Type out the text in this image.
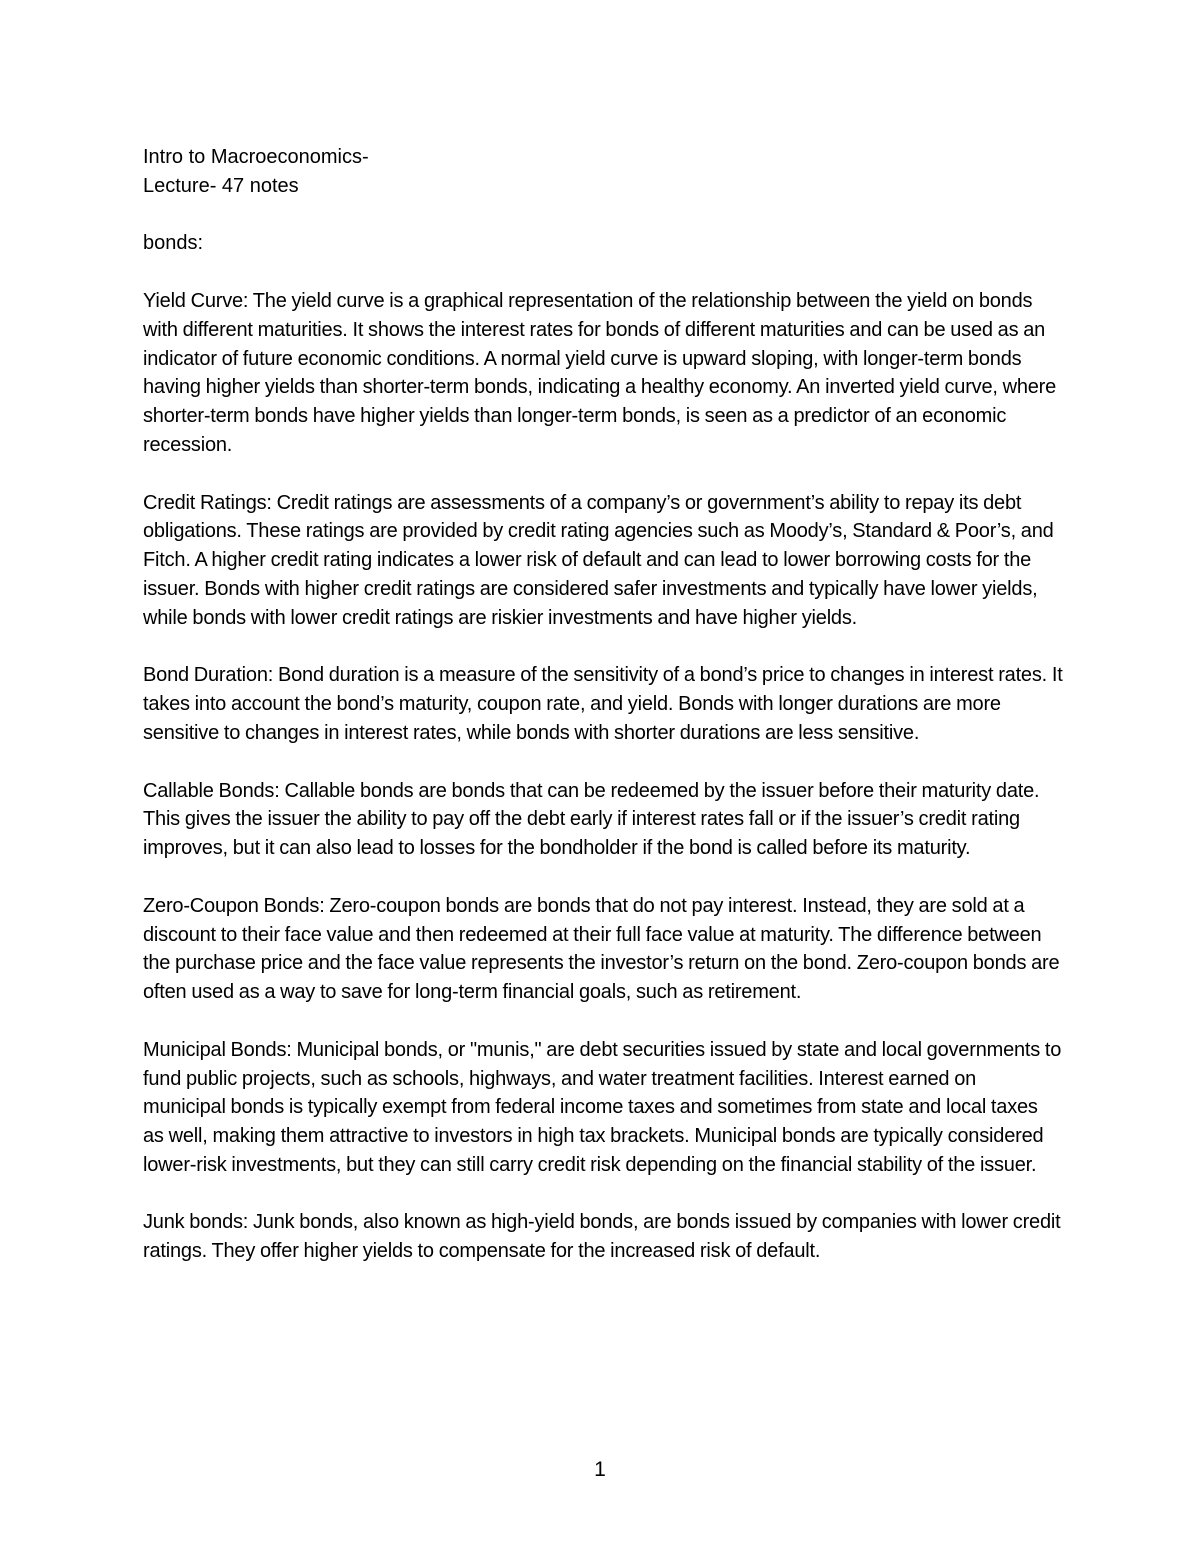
Intro to Macroeconomics-

Lecture- 47 notes

bonds:

Yield Curve: The yield curve is a graphical representation of the relationship between the yield on bonds with different maturities. It shows the interest rates for bonds of different maturities and can be used as an indicator of future economic conditions. A normal yield curve is upward sloping, with longer-term bonds having higher yields than shorter-term bonds, indicating a healthy economy. An inverted yield curve, where shorter-term bonds have higher yields than longer-term bonds, is seen as a predictor of an economic recession.

Credit Ratings: Credit ratings are assessments of a company’s or government’s ability to repay its debt obligations. These ratings are provided by credit rating agencies such as Moody’s, Standard & Poor’s, and Fitch. A higher credit rating indicates a lower risk of default and can lead to lower borrowing costs for the issuer. Bonds with higher credit ratings are considered safer investments and typically have lower yields, while bonds with lower credit ratings are riskier investments and have higher yields.

Bond Duration: Bond duration is a measure of the sensitivity of a bond’s price to changes in interest rates. It takes into account the bond’s maturity, coupon rate, and yield. Bonds with longer durations are more sensitive to changes in interest rates, while bonds with shorter durations are less sensitive.

Callable Bonds: Callable bonds are bonds that can be redeemed by the issuer before their maturity date. This gives the issuer the ability to pay off the debt early if interest rates fall or if the issuer’s credit rating improves, but it can also lead to losses for the bondholder if the bond is called before its maturity.

Zero-Coupon Bonds: Zero-coupon bonds are bonds that do not pay interest. Instead, they are sold at a discount to their face value and then redeemed at their full face value at maturity. The difference between the purchase price and the face value represents the investor’s return on the bond. Zero-coupon bonds are often used as a way to save for long-term financial goals, such as retirement.

Municipal Bonds: Municipal bonds, or "munis," are debt securities issued by state and local governments to fund public projects, such as schools, highways, and water treatment facilities. Interest earned on municipal bonds is typically exempt from federal income taxes and sometimes from state and local taxes as well, making them attractive to investors in high tax brackets. Municipal bonds are typically considered lower-risk investments, but they can still carry credit risk depending on the financial stability of the issuer.

Junk bonds: Junk bonds, also known as high-yield bonds, are bonds issued by companies with lower credit ratings. They offer higher yields to compensate for the increased risk of default.

1
